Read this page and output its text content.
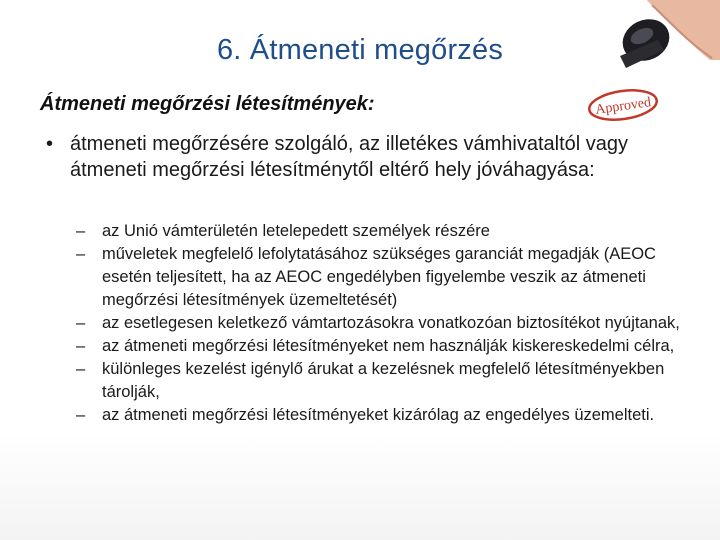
6. Átmeneti megőrzés
Approved
Átmeneti megőrzési létesítmények:
• átmeneti megőrzésére szolgáló, az illetékes vámhivataltól vagy átmeneti megőrzési létesítménytől eltérő hely jóváhagyása:
– az Unió vámterületén letelepedett személyek részére
– műveletek megfelelő lefolytatásához szükséges garanciát megadják (AEOC esetén teljesített, ha az AEOC engedélyben figyelembe veszik az átmeneti megőrzési létesítmények üzemeltetését)
– az esetlegesen keletkező vámtartozásokra vonatkozóan biztosítékot nyújtanak,
– az átmeneti megőrzési létesítményeket nem használják kiskereskedelmi célra,
– különleges kezelést igénylő árukat a kezelésnek megfelelő létesítményekben tárolják,
– az átmeneti megőrzési létesítményeket kizárólag az engedélyes üzemelteti.
